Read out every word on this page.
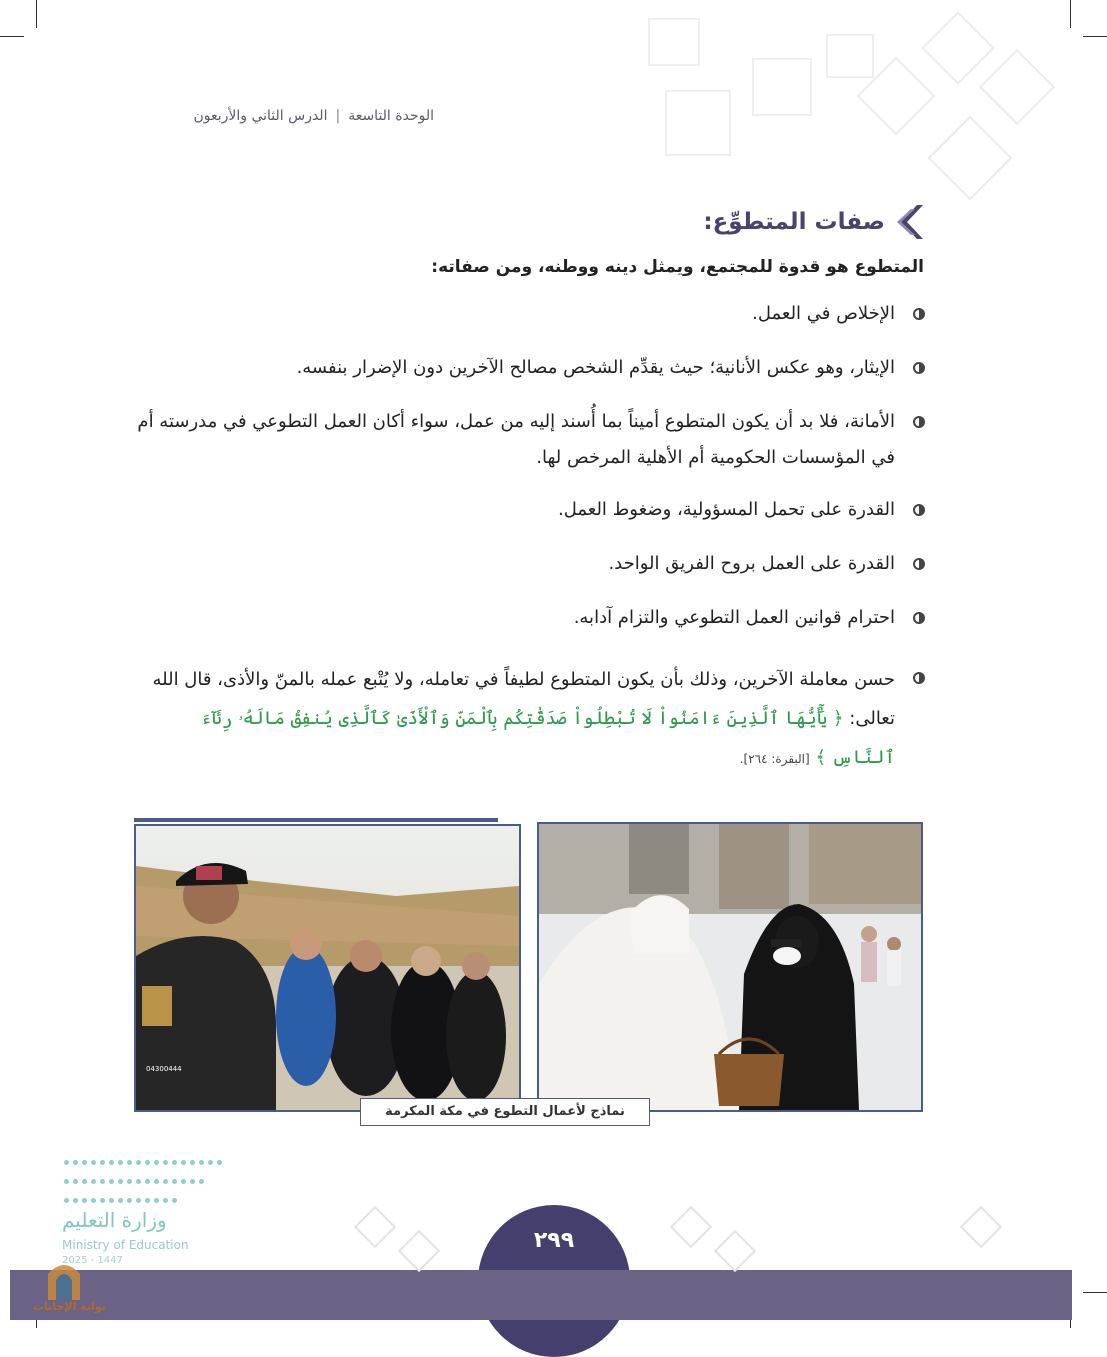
الوحدة التاسعة|الدرس الثاني والأربعون
صفات المتطوِّع:
المتطوع هو قدوة للمجتمع، ويمثل دينه ووطنه، ومن صفاته:
الإخلاص في العمل.
الإيثار، وهو عكس الأنانية؛ حيث يقدِّم الشخص مصالح الآخرين دون الإضرار بنفسه.
الأمانة، فلا بد أن يكون المتطوع أميناً بما أُسند إليه من عمل، سواء أكان العمل التطوعي في مدرسته أم في المؤسسات الحكومية أم الأهلية المرخص لها.
القدرة على تحمل المسؤولية، وضغوط العمل.
القدرة على العمل بروح الفريق الواحد.
احترام قوانين العمل التطوعي والتزام آدابه.
حسن معاملة الآخرين، وذلك بأن يكون المتطوع لطيفاً في تعامله، ولا يُتْبع عمله بالمنّ والأذى، قال الله تعالى: ﴿ يَٰٓأَيُّهَا ٱلَّذِينَ ءَامَنُواْ لَا تُبْطِلُواْ صَدَقَٰتِكُم بِٱلْمَنِّ وَٱلْأَذَىٰ كَٱلَّذِى يُنفِقُ مَالَهُۥ رِئَآءَ ٱلنَّاسِ ﴾ [البقرة: ٢٦٤].
04300444
نماذج لأعمال التطوع في مكة المكرمة
وزارة التعليم
Ministry of Education
2025 - 1447
٢٩٩
بوابة الإجابات
